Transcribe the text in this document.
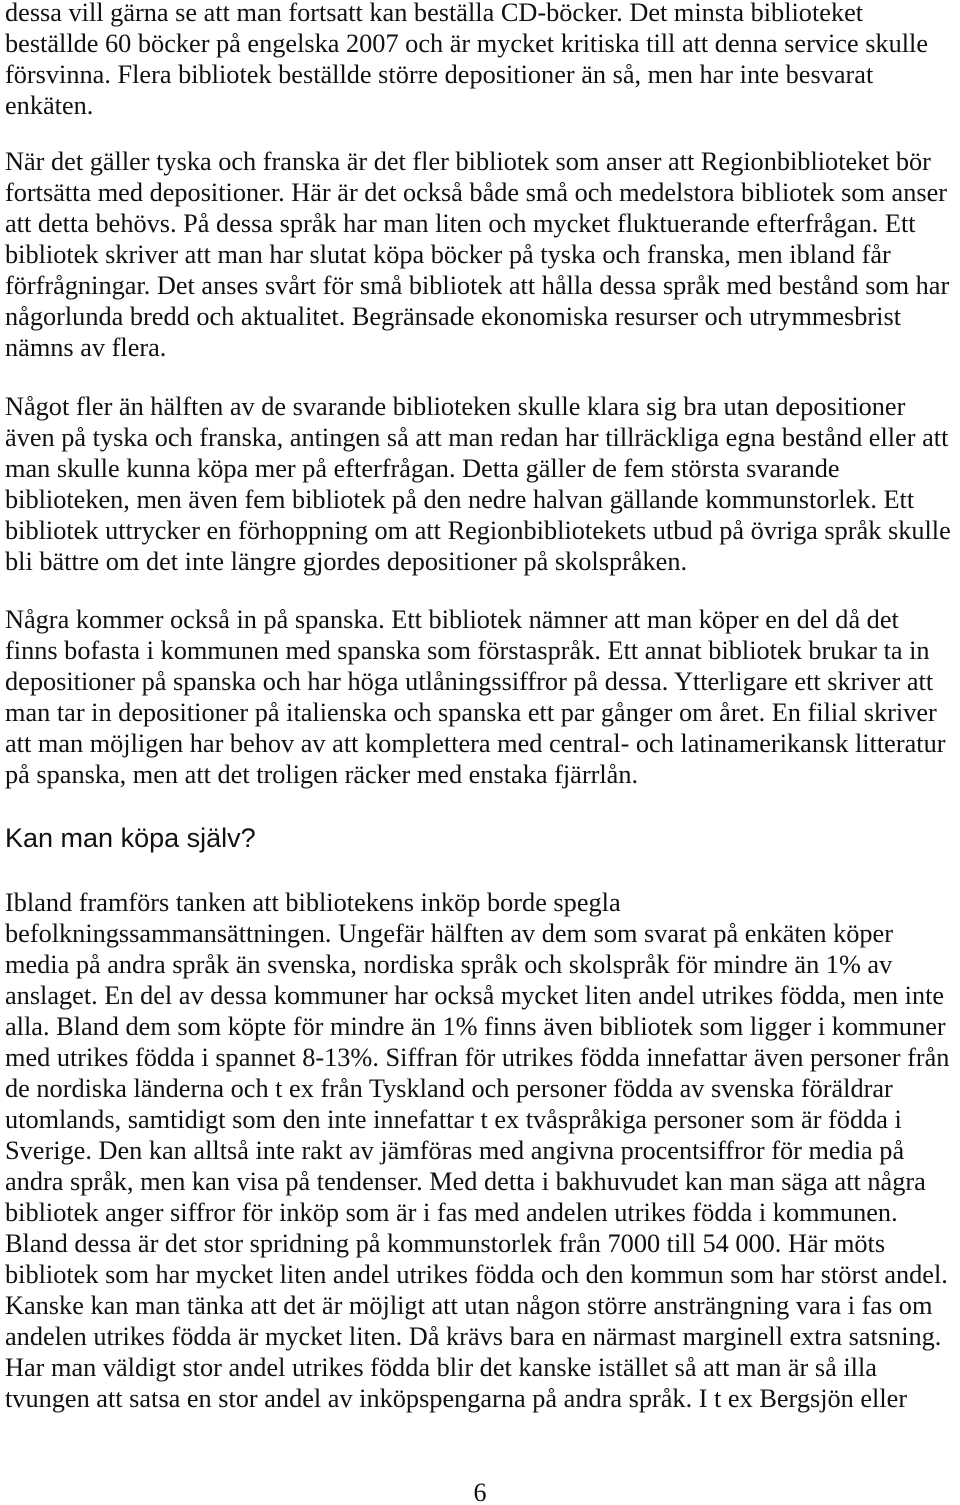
dessa vill gärna se att man fortsatt kan beställa CD-böcker. Det minsta biblioteket
beställde 60 böcker på engelska 2007 och är mycket kritiska till att denna service skulle
försvinna. Flera bibliotek beställde större depositioner än så, men har inte besvarat
enkäten.
När det gäller tyska och franska är det fler bibliotek som anser att Regionbiblioteket bör
fortsätta med depositioner. Här är det också både små och medelstora bibliotek som anser
att detta behövs. På dessa språk har man liten och mycket fluktuerande efterfrågan. Ett
bibliotek skriver att man har slutat köpa böcker på tyska och franska, men ibland får
förfrågningar. Det anses svårt för små bibliotek att hålla dessa språk med bestånd som har
någorlunda bredd och aktualitet. Begränsade ekonomiska resurser och utrymmesbrist
nämns av flera.
Något fler än hälften av de svarande biblioteken skulle klara sig bra utan depositioner
även på tyska och franska, antingen så att man redan har tillräckliga egna bestånd eller att
man skulle kunna köpa mer på efterfrågan. Detta gäller de fem största svarande
biblioteken, men även fem bibliotek på den nedre halvan gällande kommunstorlek. Ett
bibliotek uttrycker en förhoppning om att Regionbibliotekets utbud på övriga språk skulle
bli bättre om det inte längre gjordes depositioner på skolspråken.
Några kommer också in på spanska. Ett bibliotek nämner att man köper en del då det
finns bofasta i kommunen med spanska som förstaspråk. Ett annat bibliotek brukar ta in
depositioner på spanska och har höga utlåningssiffror på dessa. Ytterligare ett skriver att
man tar in depositioner på italienska och spanska ett par gånger om året. En filial skriver
att man möjligen har behov av att komplettera med central- och latinamerikansk litteratur
på spanska, men att det troligen räcker med enstaka fjärrlån.
Kan man köpa själv?
Ibland framförs tanken att bibliotekens inköp borde spegla
befolkningssammansättningen. Ungefär hälften av dem som svarat på enkäten köper
media på andra språk än svenska, nordiska språk och skolspråk för mindre än 1% av
anslaget. En del av dessa kommuner har också mycket liten andel utrikes födda, men inte
alla. Bland dem som köpte för mindre än 1% finns även bibliotek som ligger i kommuner
med utrikes födda i spannet 8-13%. Siffran för utrikes födda innefattar även personer från
de nordiska länderna och t ex från Tyskland och personer födda av svenska föräldrar
utomlands, samtidigt som den inte innefattar t ex tvåspråkiga personer som är födda i
Sverige. Den kan alltså inte rakt av jämföras med angivna procentsiffror för media på
andra språk, men kan visa på tendenser. Med detta i bakhuvudet kan man säga att några
bibliotek anger siffror för inköp som är i fas med andelen utrikes födda i kommunen.
Bland dessa är det stor spridning på kommunstorlek från 7000 till 54 000. Här möts
bibliotek som har mycket liten andel utrikes födda och den kommun som har störst andel.
Kanske kan man tänka att det är möjligt att utan någon större ansträngning vara i fas om
andelen utrikes födda är mycket liten. Då krävs bara en närmast marginell extra satsning.
Har man väldigt stor andel utrikes födda blir det kanske istället så att man är så illa
tvungen att satsa en stor andel av inköpspengarna på andra språk. I t ex Bergsjön eller
6
